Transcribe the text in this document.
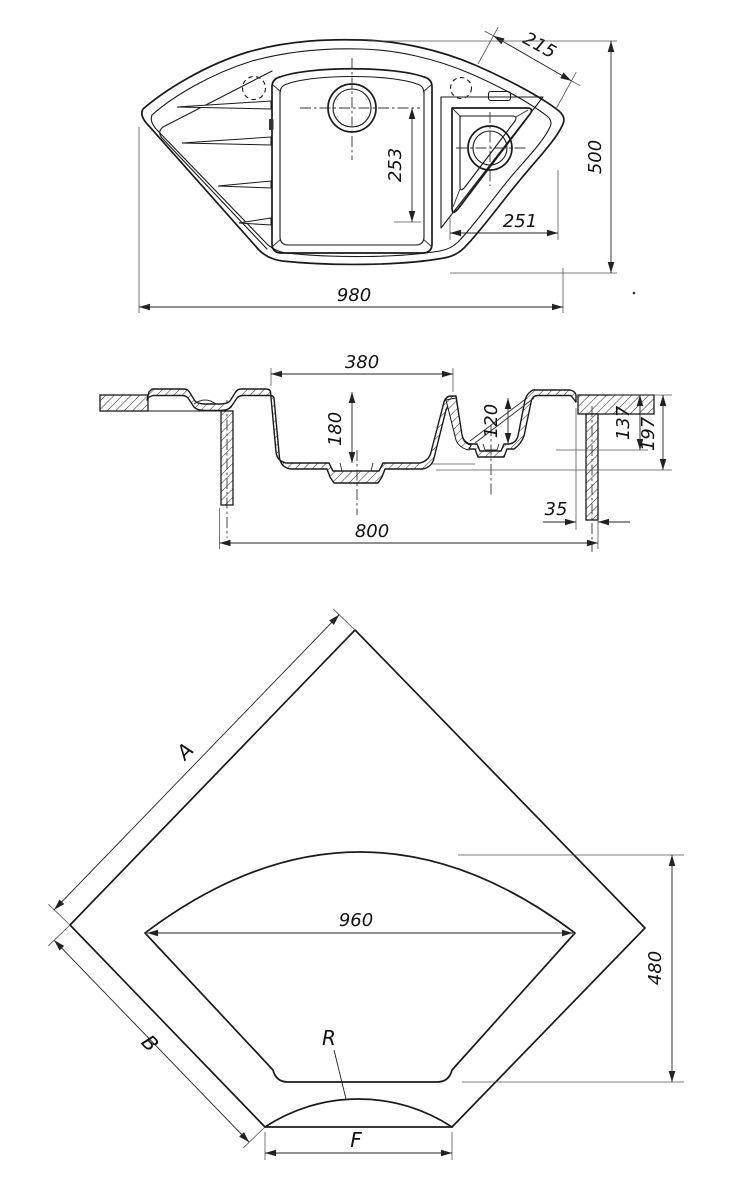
215
500
253
251
980
380
180	120	137 197
35
800
A
B
960
480
R
F
